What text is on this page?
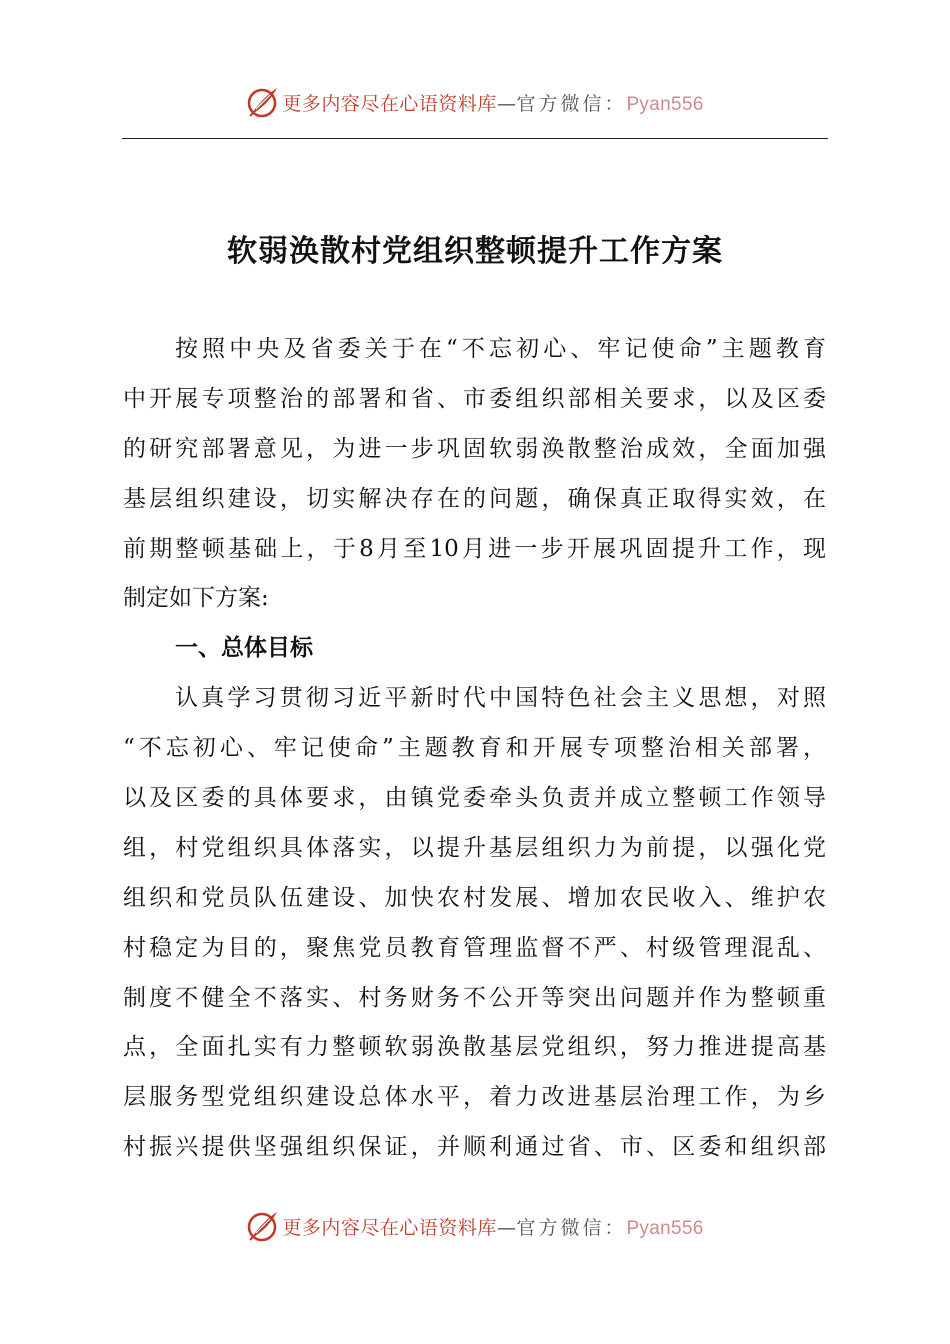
更多内容尽在心语资料库—官方微信：Pyan556
软弱涣散村党组织整顿提升工作方案
按照中央及省委关于在“不忘初心、牢记使命”主题教育
中开展专项整治的部署和省、市委组织部相关要求，以及区委
的研究部署意见，为进一步巩固软弱涣散整治成效，全面加强
基层组织建设，切实解决存在的问题，确保真正取得实效，在
前期整顿基础上，于8月至10月进一步开展巩固提升工作，现
制定如下方案:
一、总体目标
认真学习贯彻习近平新时代中国特色社会主义思想，对照
“不忘初心、牢记使命”主题教育和开展专项整治相关部署，
以及区委的具体要求，由镇党委牵头负责并成立整顿工作领导
组，村党组织具体落实，以提升基层组织力为前提，以强化党
组织和党员队伍建设、加快农村发展、增加农民收入、维护农
村稳定为目的，聚焦党员教育管理监督不严、村级管理混乱、
制度不健全不落实、村务财务不公开等突出问题并作为整顿重
点，全面扎实有力整顿软弱涣散基层党组织，努力推进提高基
层服务型党组织建设总体水平，着力改进基层治理工作，为乡
村振兴提供坚强组织保证，并顺利通过省、市、区委和组织部
更多内容尽在心语资料库—官方微信：Pyan556
